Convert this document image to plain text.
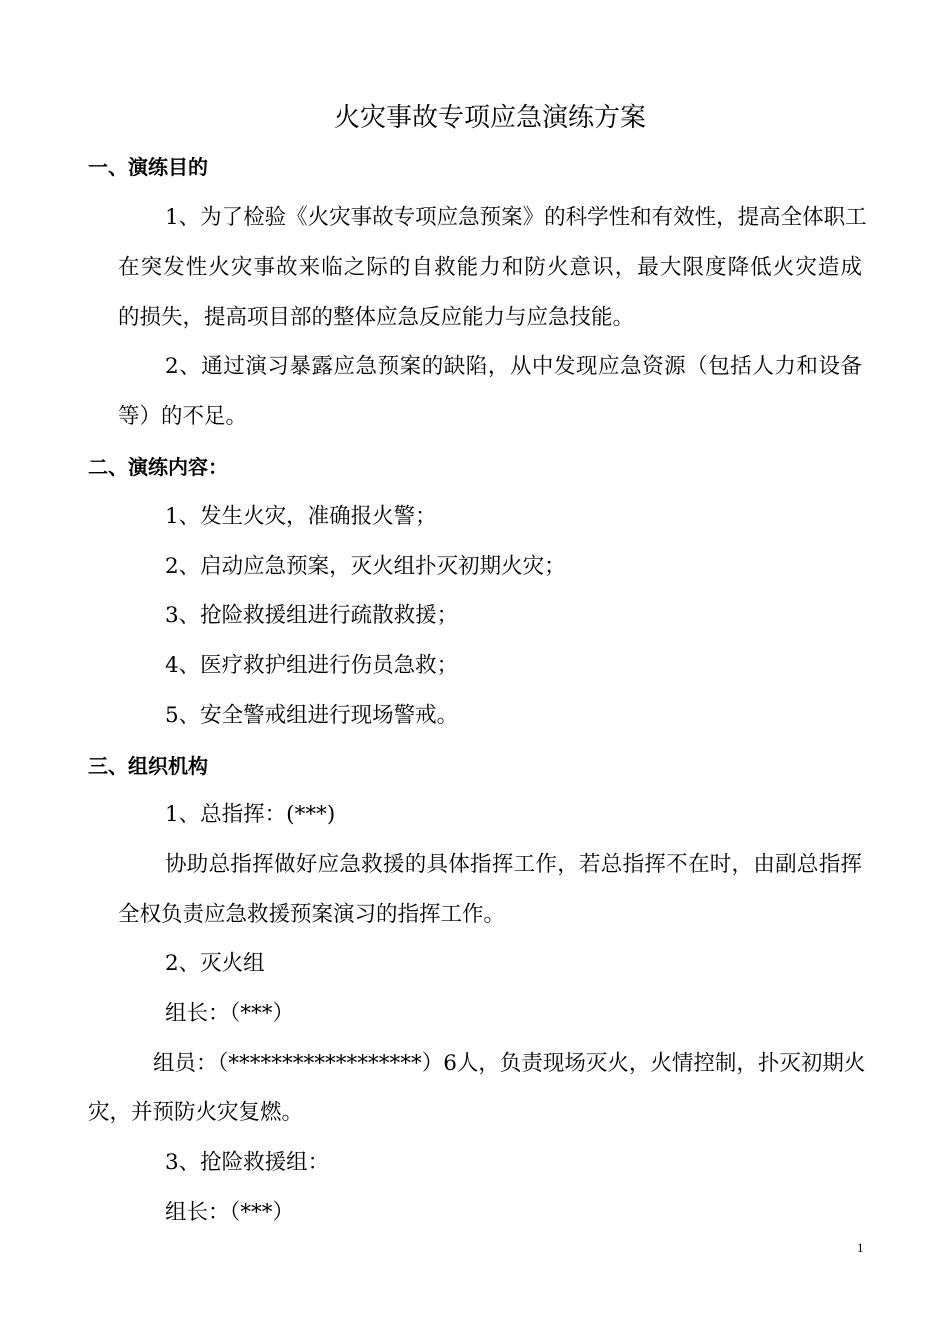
火灾事故专项应急演练方案
一、演练目的
1、为了检验《火灾事故专项应急预案》的科学性和有效性，提高全体职工
在突发性火灾事故来临之际的自救能力和防火意识，最大限度降低火灾造成
的损失，提高项目部的整体应急反应能力与应急技能。
2、通过演习暴露应急预案的缺陷，从中发现应急资源（包括人力和设备
等）的不足。
二、演练内容：
1、发生火灾，准确报火警；
2、启动应急预案，灭火组扑灭初期火灾；
3、抢险救援组进行疏散救援；
4、医疗救护组进行伤员急救；
5、安全警戒组进行现场警戒。
三、组织机构
1、总指挥：(***)
协助总指挥做好应急救援的具体指挥工作，若总指挥不在时，由副总指挥
全权负责应急救援预案演习的指挥工作。
2、灭火组
组长：（***）
组员：（******************）6人，负责现场灭火，火情控制，扑灭初期火
灾，并预防火灾复燃。
3、抢险救援组：
组长：（***）
1
